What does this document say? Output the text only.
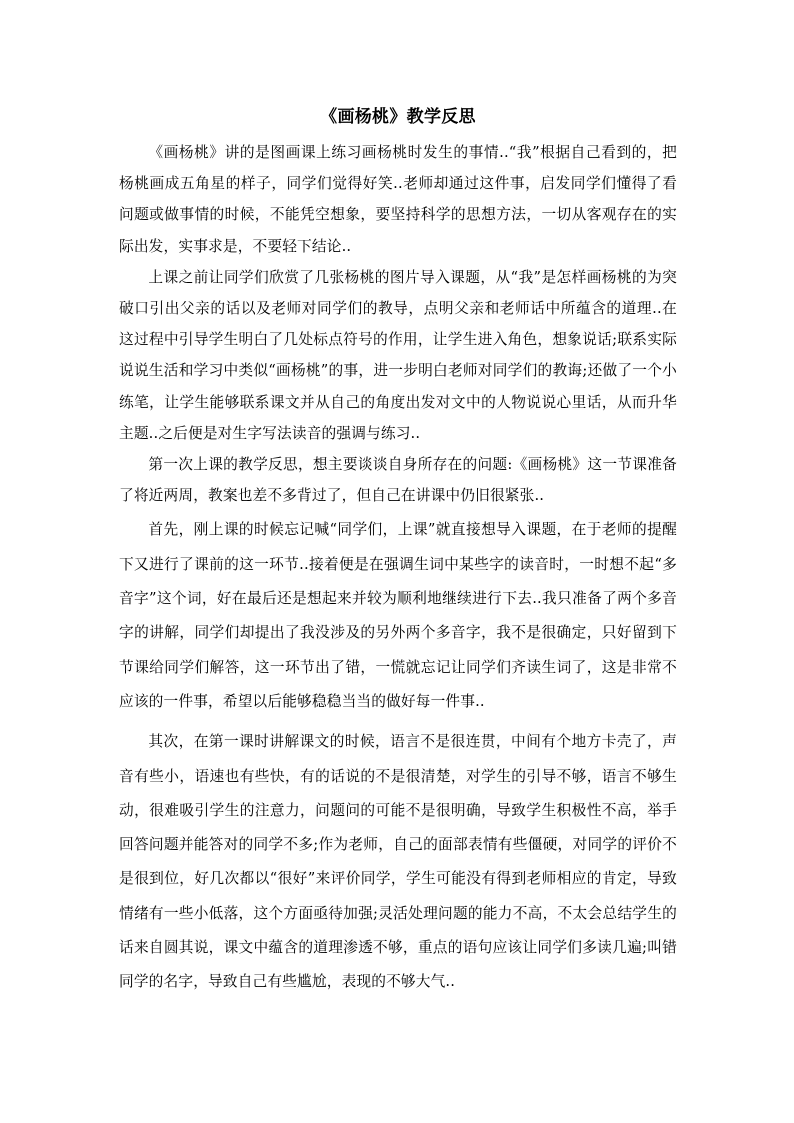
《画杨桃》教学反思

《画杨桃》讲的是图画课上练习画杨桃时发生的事情..“我”根据自己看到的，把杨桃画成五角星的样子，同学们觉得好笑..老师却通过这件事，启发同学们懂得了看问题或做事情的时候，不能凭空想象，要坚持科学的思想方法，一切从客观存在的实际出发，实事求是，不要轻下结论..

上课之前让同学们欣赏了几张杨桃的图片导入课题，从“我”是怎样画杨桃的为突破口引出父亲的话以及老师对同学们的教导，点明父亲和老师话中所蕴含的道理..在这过程中引导学生明白了几处标点符号的作用，让学生进入角色，想象说话;联系实际说说生活和学习中类似“画杨桃”的事，进一步明白老师对同学们的教诲;还做了一个小练笔，让学生能够联系课文并从自己的角度出发对文中的人物说说心里话，从而升华主题..之后便是对生字写法读音的强调与练习..

第一次上课的教学反思，想主要谈谈自身所存在的问题:《画杨桃》这一节课准备了将近两周，教案也差不多背过了，但自己在讲课中仍旧很紧张..

首先，刚上课的时候忘记喊“同学们，上课”就直接想导入课题，在于老师的提醒下又进行了课前的这一环节..接着便是在强调生词中某些字的读音时，一时想不起“多音字”这个词，好在最后还是想起来并较为顺利地继续进行下去..我只准备了两个多音字的讲解，同学们却提出了我没涉及的另外两个多音字，我不是很确定，只好留到下节课给同学们解答，这一环节出了错，一慌就忘记让同学们齐读生词了，这是非常不应该的一件事，希望以后能够稳稳当当的做好每一件事..

其次，在第一课时讲解课文的时候，语言不是很连贯，中间有个地方卡壳了，声音有些小，语速也有些快，有的话说的不是很清楚，对学生的引导不够，语言不够生动，很难吸引学生的注意力，问题问的可能不是很明确，导致学生积极性不高，举手回答问题并能答对的同学不多;作为老师，自己的面部表情有些僵硬，对同学的评价不是很到位，好几次都以“很好”来评价同学，学生可能没有得到老师相应的肯定，导致情绪有一些小低落，这个方面亟待加强;灵活处理问题的能力不高，不太会总结学生的话来自圆其说，课文中蕴含的道理渗透不够，重点的语句应该让同学们多读几遍;叫错同学的名字，导致自己有些尴尬，表现的不够大气..
